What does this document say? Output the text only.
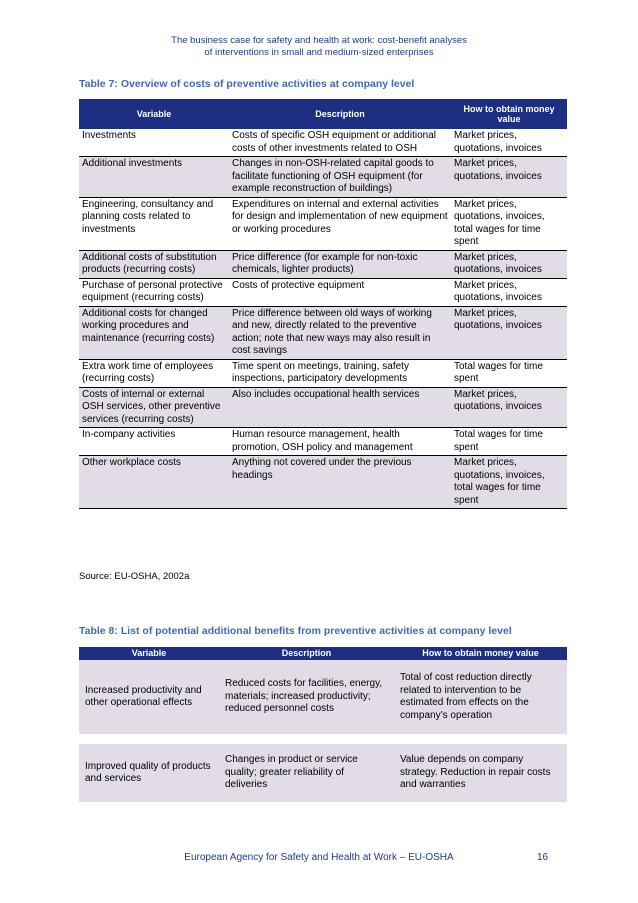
The business case for safety and health at work: cost-benefit analyses
of interventions in small and medium-sized enterprises
Table 7: Overview of costs of preventive activities at company level
Variable	Description	How to obtain money value
Investments	Costs of specific OSH equipment or additional costs of other investments related to OSH	Market prices, quotations, invoices
Additional investments	Changes in non-OSH-related capital goods to facilitate functioning of OSH equipment (for example reconstruction of buildings)	Market prices, quotations, invoices
Engineering, consultancy and planning costs related to investments	Expenditures on internal and external activities for design and implementation of new equipment or working procedures	Market prices, quotations, invoices, total wages for time spent
Additional costs of substitution products (recurring costs)	Price difference (for example for non-toxic chemicals, lighter products)	Market prices, quotations, invoices
Purchase of personal protective equipment (recurring costs)	Costs of protective equipment	Market prices, quotations, invoices
Additional costs for changed working procedures and maintenance (recurring costs)	Price difference between old ways of working and new, directly related to the preventive action; note that new ways may also result in cost savings	Market prices, quotations, invoices
Extra work time of employees (recurring costs)	Time spent on meetings, training, safety inspections, participatory developments	Total wages for time spent
Costs of internal or external OSH services, other preventive services (recurring costs)	Also includes occupational health services	Market prices, quotations, invoices
In-company activities	Human resource management, health promotion, OSH policy and management	Total wages for time spent
Other workplace costs	Anything not covered under the previous headings	Market prices, quotations, invoices, total wages for time spent
Source: EU-OSHA, 2002a
Table 8: List of potential additional benefits from preventive activities at company level
Variable	Description	How to obtain money value
Increased productivity and other operational effects	Reduced costs for facilities, energy, materials; increased productivity; reduced personnel costs	Total of cost reduction directly related to intervention to be estimated from effects on the company’s operation

Improved quality of products and services	Changes in product or service quality; greater reliability of deliveries	Value depends on company strategy. Reduction in repair costs and warranties
European Agency for Safety and Health at Work – EU-OSHA	16
